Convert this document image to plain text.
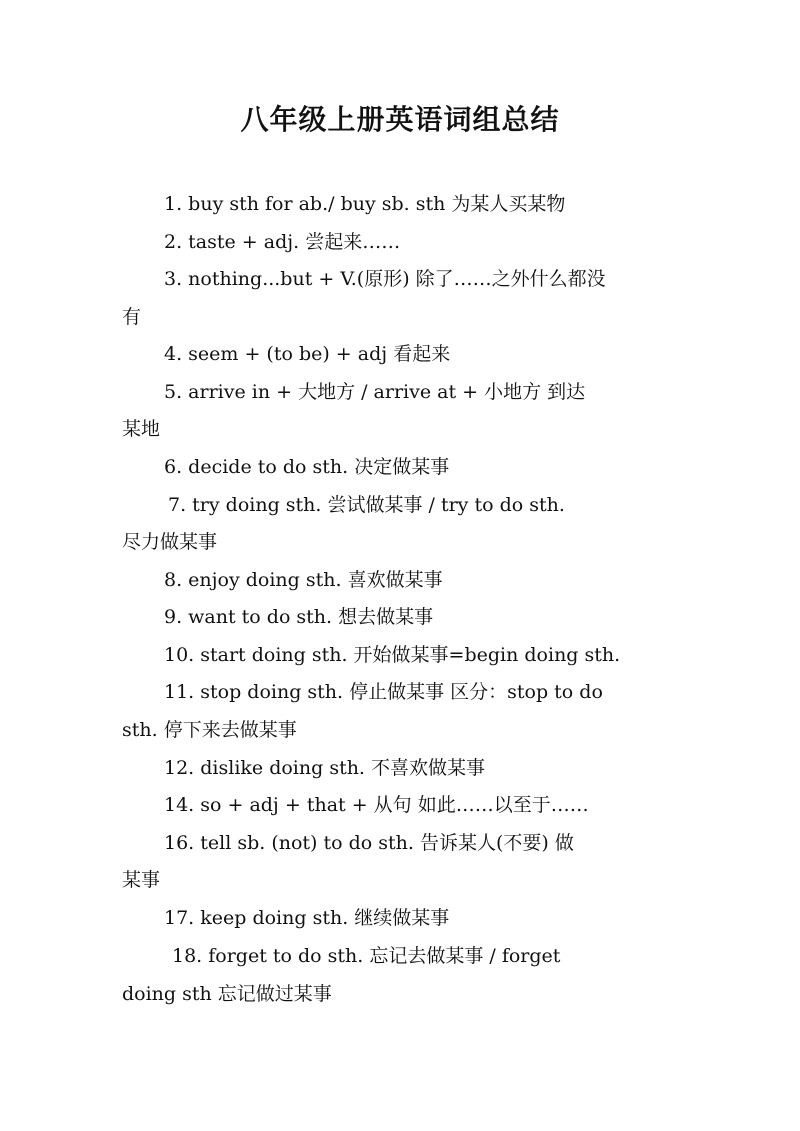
八年级上册英语词组总结
1. buy sth for ab./ buy sb. sth 为某人买某物
2. taste + adj. 尝起来……
3. nothing...but + V.(原形) 除了……之外什么都没
有
4. seem + (to be) + adj 看起来
5. arrive in + 大地方 / arrive at + 小地方 到达
某地
6. decide to do sth. 决定做某事
7. try doing sth. 尝试做某事 / try to do sth.
尽力做某事
8. enjoy doing sth. 喜欢做某事
9. want to do sth. 想去做某事
10. start doing sth. 开始做某事=begin doing sth.
11. stop doing sth. 停止做某事 区分：stop to do
sth. 停下来去做某事
12. dislike doing sth. 不喜欢做某事
14. so + adj + that + 从句 如此……以至于……
16. tell sb. (not) to do sth. 告诉某人(不要) 做
某事
17. keep doing sth. 继续做某事
18. forget to do sth. 忘记去做某事 / forget
doing sth 忘记做过某事
